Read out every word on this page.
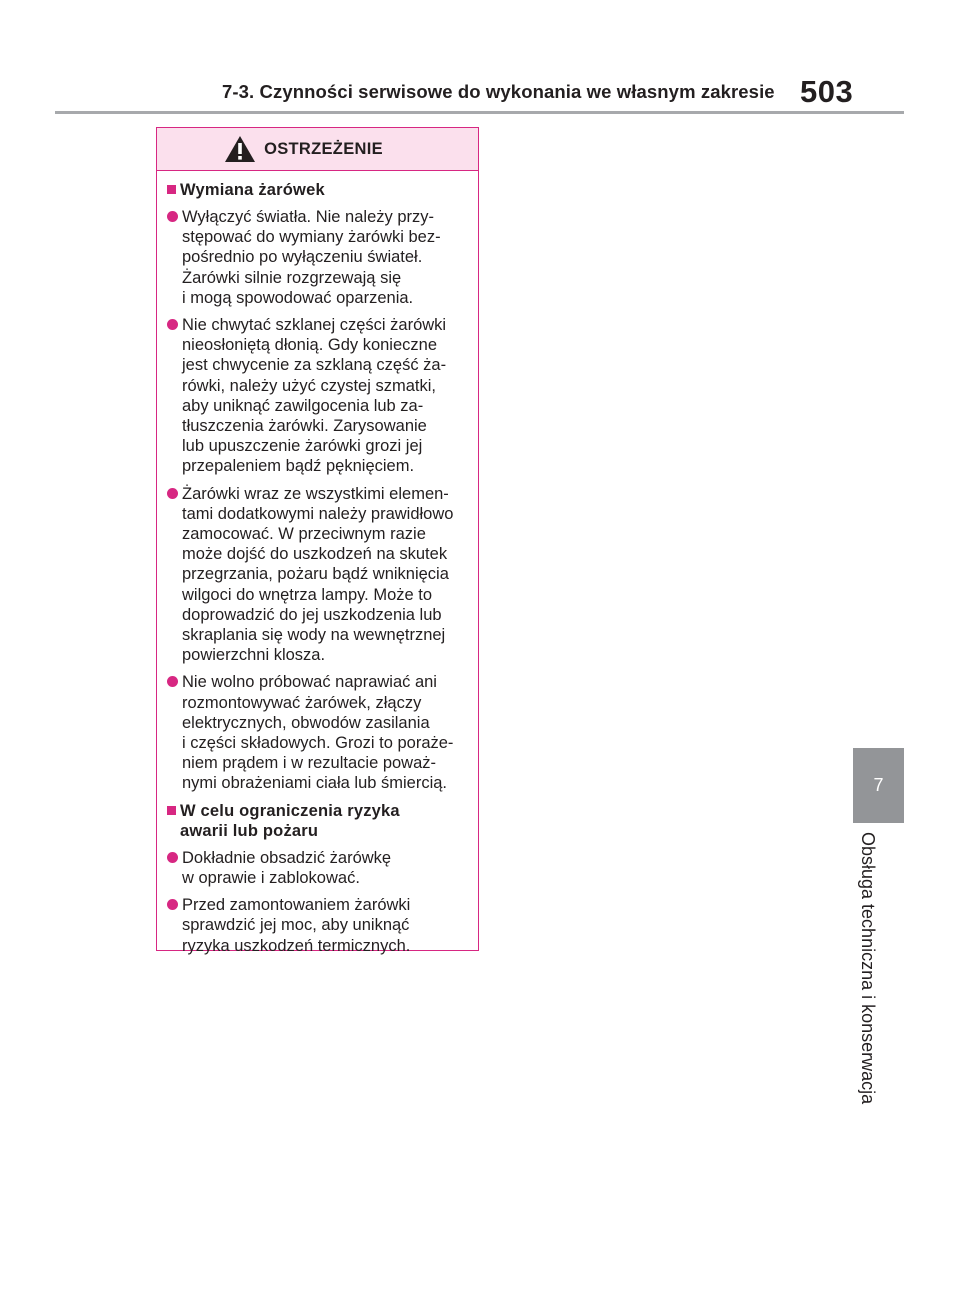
7-3. Czynności serwisowe do wykonania we własnym zakresie 503
7
Obsługa techniczna i konserwacja
OSTRZEŻENIE
Wymiana żarówek
Wyłączyć światła. Nie należy przy-
stępować do wymiany żarówki bez-
pośrednio po wyłączeniu świateł.
Żarówki silnie rozgrzewają się
i mogą spowodować oparzenia.
Nie chwytać szklanej części żarówki
nieosłoniętą dłonią. Gdy konieczne
jest chwycenie za szklaną część ża-
rówki, należy użyć czystej szmatki,
aby uniknąć zawilgocenia lub za-
tłuszczenia żarówki. Zarysowanie
lub upuszczenie żarówki grozi jej
przepaleniem bądź pęknięciem.
Żarówki wraz ze wszystkimi elemen-
tami dodatkowymi należy prawidłowo
zamocować. W przeciwnym razie
może dojść do uszkodzeń na skutek
przegrzania, pożaru bądź wniknięcia
wilgoci do wnętrza lampy. Może to
doprowadzić do jej uszkodzenia lub
skraplania się wody na wewnętrznej
powierzchni klosza.
Nie wolno próbować naprawiać ani
rozmontowywać żarówek, złączy
elektrycznych, obwodów zasilania
i części składowych. Grozi to poraże-
niem prądem i w rezultacie poważ-
nymi obrażeniami ciała lub śmiercią.
W celu ograniczenia ryzyka
awarii lub pożaru
Dokładnie obsadzić żarówkę
w oprawie i zablokować.
Przed zamontowaniem żarówki
sprawdzić jej moc, aby uniknąć
ryzyka uszkodzeń termicznych.
